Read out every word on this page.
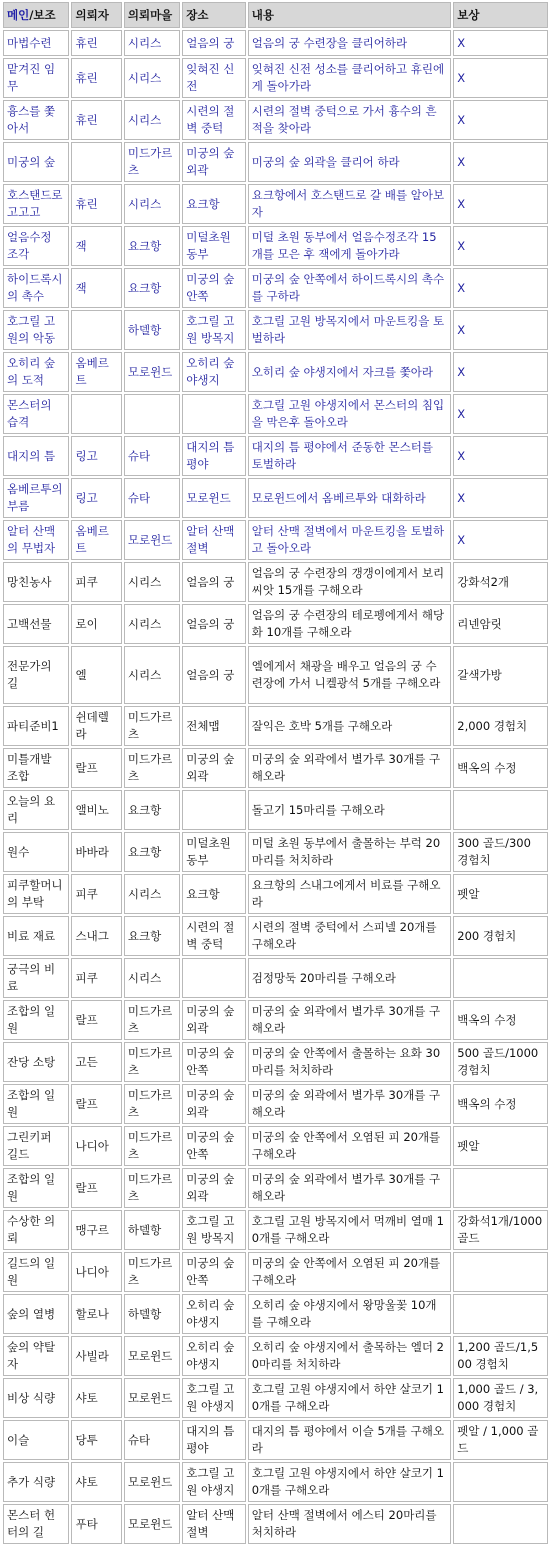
메인/보조	의뢰자	의뢰마을	장소	내용	보상
마법수련	휴린	시리스	얼음의 궁	얼음의 궁 수련장을 클리어하라	X
맡겨진 임무	휴린	시리스	잊혀진 신전	잊혀진 신전 성소를 클리어하고 휴린에게 돌아가라	X
흉스를 쫓아서	휴린	시리스	시련의 절벽 중턱	시련의 절벽 중턱으로 가서 흉수의 흔적을 찾아라	X
미궁의 숲		미드가르츠	미궁의 숲 외곽	미궁의 숲 외곽을 클리어 하라	X
호스탠드로 고고고	휴린	시리스	요크항	요크항에서 호스탠드로 갈 배를 알아보자	X
얼음수정 조각	잭	요크항	미덜초원 동부	미덜 초원 동부에서 얼음수정조각 15개를 모은 후 잭에게 돌아가라	X
하이드록시의 촉수	잭	요크항	미궁의 숲 안쪽	미궁의 숲 안쪽에서 하이드록시의 촉수를 구하라	X
호그릴 고원의 악동		하델항	호그릴 고원 방목지	호그릴 고원 방목지에서 마운트킹을 토벌하라	X
오히리 숲의 도적	옴베르트	모로윈드	오히리 숲 야생지	오히리 숲 야생지에서 자크를 쫓아라	X
몬스터의 습격				호그릴 고원 야생지에서 몬스터의 침입을 막은후 돌아오라	X
대지의 틈	링고	슈타	대지의 틈 평야	대지의 틈 평야에서 준동한 몬스터를 토벌하라	X
옴베르투의 부름	링고	슈타	모로윈드	모로윈드에서 옴베르투와 대화하라	X
알터 산맥의 무법자	옴베르트	모로윈드	알터 산맥 절벽	알터 산맥 절벽에서 마운트킹을 토벌하고 돌아오라	X
망친농사	피쿠	시리스	얼음의 궁	얼음의 궁 수련장의 갱갱이에게서 보리씨앗 15개를 구해오라	강화석2개
고백선물	로이	시리스	얼음의 궁	얼음의 궁 수련장의 테로펭에게서 해당화 10개를 구해오라	리넨암릿
전문가의 길	엘	시리스	얼음의 궁	엘에게서 채광을 배우고 얼음의 궁 수련장에 가서 니켈광석 5개를 구해오라	갈색가방
파티준비1	쉰데렐라	미드가르츠	전체맵	잘익은 호박 5개를 구해오라	2,000 경험치
미틀개발 조합	랄프	미드가르츠	미궁의 숲 외곽	미궁의 숲 외곽에서 별가루 30개를 구해오라	백옥의 수정
오늘의 요리	앨비노	요크항		돌고기 15마리를 구해오라	
원수	바바라	요크항	미덜초원 동부	미덜 초원 동부에서 출몰하는 부럭 20마리를 처치하라	300 골드/300 경험치
피쿠할머니의 부탁	피쿠	시리스	요크항	요크항의 스내그에게서 비료를 구해오라	펫알
비료 재료	스내그	요크항	시련의 절벽 중턱	시련의 절벽 중턱에서 스피넬 20개를 구해오라	200 경험치
궁극의 비료	피쿠	시리스		검정망둑 20마리를 구해오라	
조합의 일원	랄프	미드가르츠	미궁의 숲 외곽	미궁의 숲 외곽에서 별가루 30개를 구해오라	백옥의 수정
잔당 소탕	고든	미드가르츠	미궁의 숲 안쪽	미궁의 숲 안쪽에서 출몰하는 요화 30마리를 처치하라	500 골드/1000 경험치
조합의 일원	랄프	미드가르츠	미궁의 숲 외곽	미궁의 숲 외곽에서 별가루 30개를 구해오라	백옥의 수정
그린키퍼 길드	나디아	미드가르츠	미궁의 숲 안쪽	미궁의 숲 안쪽에서 오염된 피 20개를 구해오라	펫알
조합의 일원	랄프	미드가르츠	미궁의 숲 외곽	미궁의 숲 외곽에서 별가루 30개를 구해오라	
수상한 의뢰	맹구르	하델항	호그릴 고원 방목지	호그릴 고원 방목지에서 먹깨비 열매 10개를 구해오라	강화석1개/1000 골드
길드의 일원	나디아	미드가르츠	미궁의 숲 안쪽	미궁의 숲 안쪽에서 오염된 피 20개를 구해오라	
숲의 열병	할로나	하델항	오히리 숲 야생지	오히리 숲 야생지에서 왕망울꽃 10개를 구해오라	
숲의 약탈자	사빌라	모로윈드	오히리 숲 야생지	오히리 숲 야생지에서 출목하는 엘더 20마리를 처치하라	1,200 골드/1,500 경험치
비상 식량	샤토	모로윈드	호그릴 고원 야생지	호그릴 고원 야생지에서 하얀 살코기 10개를 구해오라	1,000 골드 / 3,000 경험치
이슬	당투	슈타	대지의 틈 평야	대지의 틈 평야에서 이슬 5개를 구해오라	펫알 / 1,000 골드
추가 식량	샤토	모로윈드	호그릴 고원 야생지	호그릴 고원 야생지에서 하얀 살코기 10개를 구해오라	
몬스터 헌터의 길	푸타	모로윈드	알터 산맥 절벽	알터 산맥 절벽에서 에스티 20마리를 처치하라	
